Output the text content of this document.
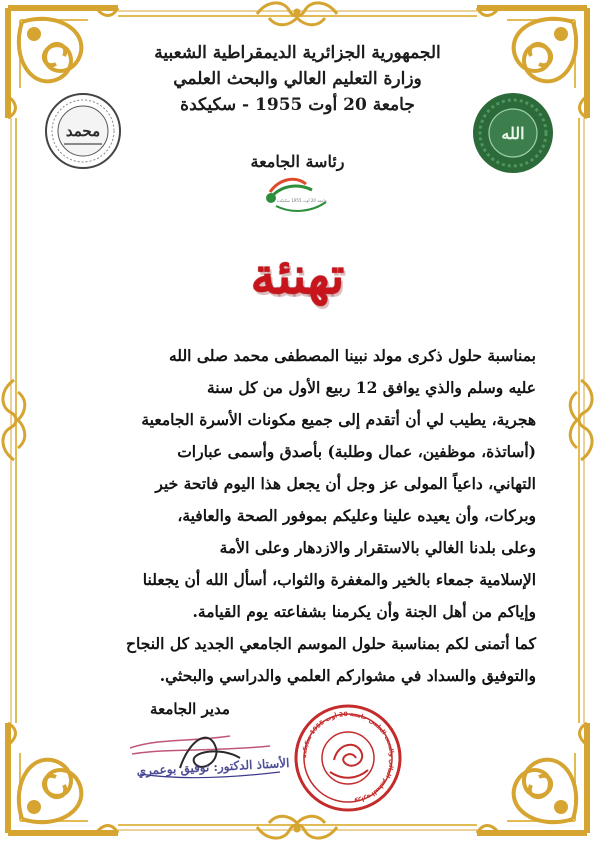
محمد	الله
الجمهورية الجزائرية الديمقراطية الشعبية
وزارة التعليم العالي والبحث العلمي
جامعة 20 أوت 1955 - سكيكدة
رئاسة الجامعة
جامعة 20 أوت 1955 سكيكدة
تهنئة

بمناسبة حلول ذكرى مولد نبينا المصطفى محمد صلى الله

عليه وسلم والذي يوافق 12 ربيع الأول من كل سنة

هجرية، يطيب لي أن أتقدم إلى جميع مكونات الأسرة الجامعية

(أساتذة، موظفين، عمال وطلبة) بأصدق وأسمى عبارات

التهاني، داعياً المولى عز وجل أن يجعل هذا اليوم فاتحة خير

وبركات، وأن يعيده علينا وعليكم بموفور الصحة والعافية،

وعلى بلدنا الغالي بالاستقرار والازدهار وعلى الأمة

الإسلامية جمعاء بالخير والمغفرة والثواب، أسأل الله أن يجعلنا

وإياكم من أهل الجنة وأن يكرمنا بشفاعته يوم القيامة.

كما أتمنى لكم بمناسبة حلول الموسم الجامعي الجديد كل النجاح

والتوفيق والسداد في مشواركم العلمي والدراسي والبحثي.

مدير الجامعة
الأستاذ الدكتور: توفيق بوعمري	وزارة التعليم العالي والبحث العلمي جامعة 20 أوت 1955 سكيكدة
